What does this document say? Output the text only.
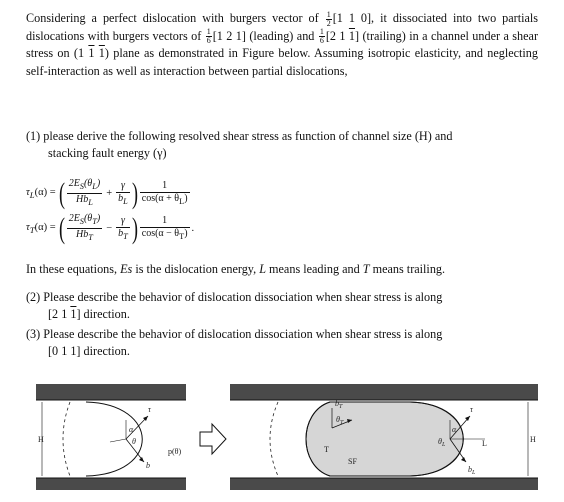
Considering a perfect dislocation with burgers vector of $\frac{1}{2} [1$ 1 0], it dissociated into two partials dislocations with burgers vectors of $\frac{1}{6} [1$ 2 1] (leading) and $\frac{1}{6} [2$ 1 1] (trailing) in a channel under a shear stress on (1 1 1) plane as demonstrated in Figure below. Assuming isotropic elasticity, and neglecting self-interaction as well as interaction between partial dislocations,
(1) please derive the following resolved shear stress as function of channel size (H) and
stacking fault energy (γ)
$\tau_L(\alpha)$ = ( $2E_S(\theta_L)$
$Hb_L$
+ $\frac{\gamma}{b_L}$ )	1
$\cos(\alpha + \theta_L)$
$\tau_T(\alpha)$ = ( $2E_S(\theta_T)$
$Hb_T$
− $\frac{\gamma}{b_T}$ )	1
$\cos(\alpha - \theta_T)$ .
In these equations, Es is the dislocation energy, L means leading and T means trailing.
(2) Please describe the behavior of dislocation dissociation when shear stress is along
[2 1 1] direction.
(3) Please describe the behavior of dislocation dissociation when shear stress is along
[0 1 1] direction.
H
τ
α
θ
b
p(θ)
$b_T$
$\theta_T$
T
SF
τ
α
$\theta_L$	L
$b_L$
H
